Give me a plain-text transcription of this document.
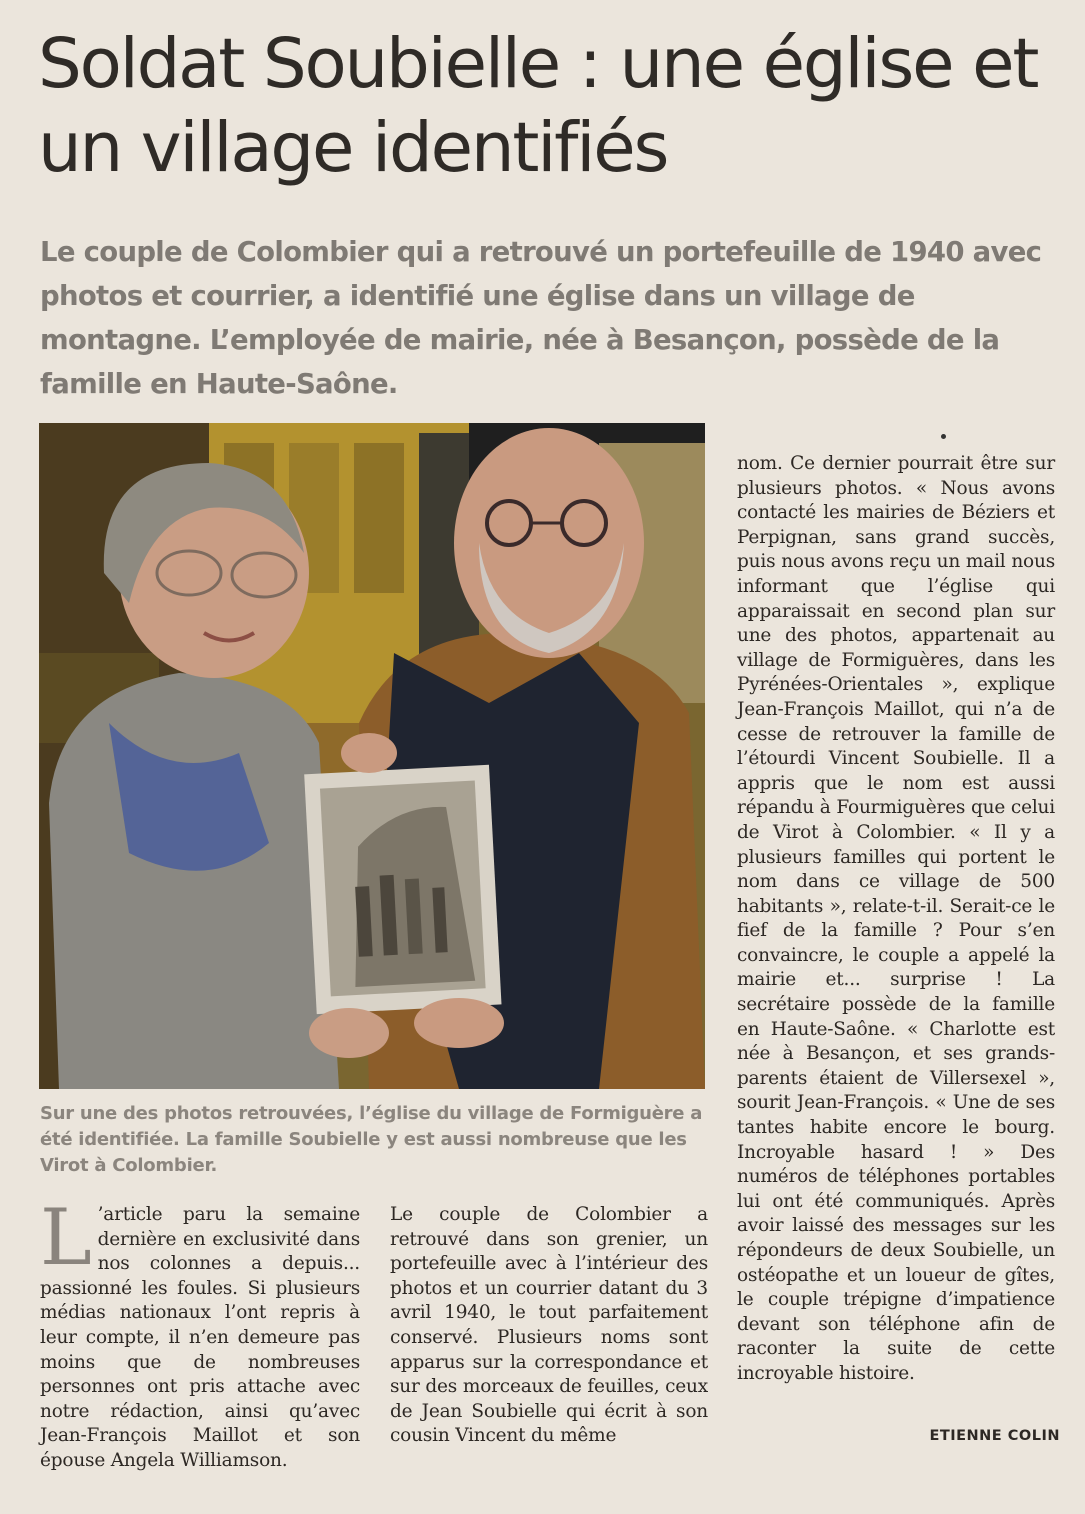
Soldat Soubielle : une église et un village identifiés

Le couple de Colombier qui a retrouvé un portefeuille de 1940 avec photos et courrier, a identifié une église dans un village de montagne. L’employée de mairie, née à Besançon, possède de la famille en Haute-Saône.

Sur une des photos retrouvées, l’église du village de Formiguère a été identifiée. La famille Soubielle y est aussi nombreuse que les Virot à Colombier.

L ’article paru la semaine dernière en exclusivité dans nos colonnes a depuis... passionné les foules. Si plusieurs médias nationaux l’ont repris à leur compte, il n’en demeure pas moins que de nombreuses personnes ont pris attache avec notre rédaction, ainsi qu’avec Jean-François Maillot et son épouse Angela Williamson.

Le couple de Colombier a retrouvé dans son grenier, un portefeuille avec à l’intérieur des photos et un courrier datant du 3 avril 1940, le tout parfaitement conservé. Plusieurs noms sont apparus sur la correspondance et sur des morceaux de feuilles, ceux de Jean Soubielle qui écrit à son cousin Vincent du même

nom. Ce dernier pourrait être sur plusieurs photos. « Nous avons contacté les mairies de Béziers et Perpignan, sans grand succès, puis nous avons reçu un mail nous informant que l’église qui apparaissait en second plan sur une des photos, appartenait au village de Formiguères, dans les Pyrénées-Orientales », explique Jean-François Maillot, qui n’a de cesse de retrouver la famille de l’étourdi Vincent Soubielle. Il a appris que le nom est aussi répandu à Fourmiguères que celui de Virot à Colombier. « Il y a plusieurs familles qui portent le nom dans ce village de 500 habitants », relate-t-il. Serait-ce le fief de la famille ? Pour s’en convaincre, le couple a appelé la mairie et... surprise ! La secrétaire possède de la famille en Haute-Saône. « Charlotte est née à Besançon, et ses grands-parents étaient de Villersexel », sourit Jean-François. « Une de ses tantes habite encore le bourg. Incroyable hasard ! » Des numéros de téléphones portables lui ont été communiqués. Après avoir laissé des messages sur les répondeurs de deux Soubielle, un ostéopathe et un loueur de gîtes, le couple trépigne d’impatience devant son téléphone afin de raconter la suite de cette incroyable histoire.

ETIENNE COLIN
